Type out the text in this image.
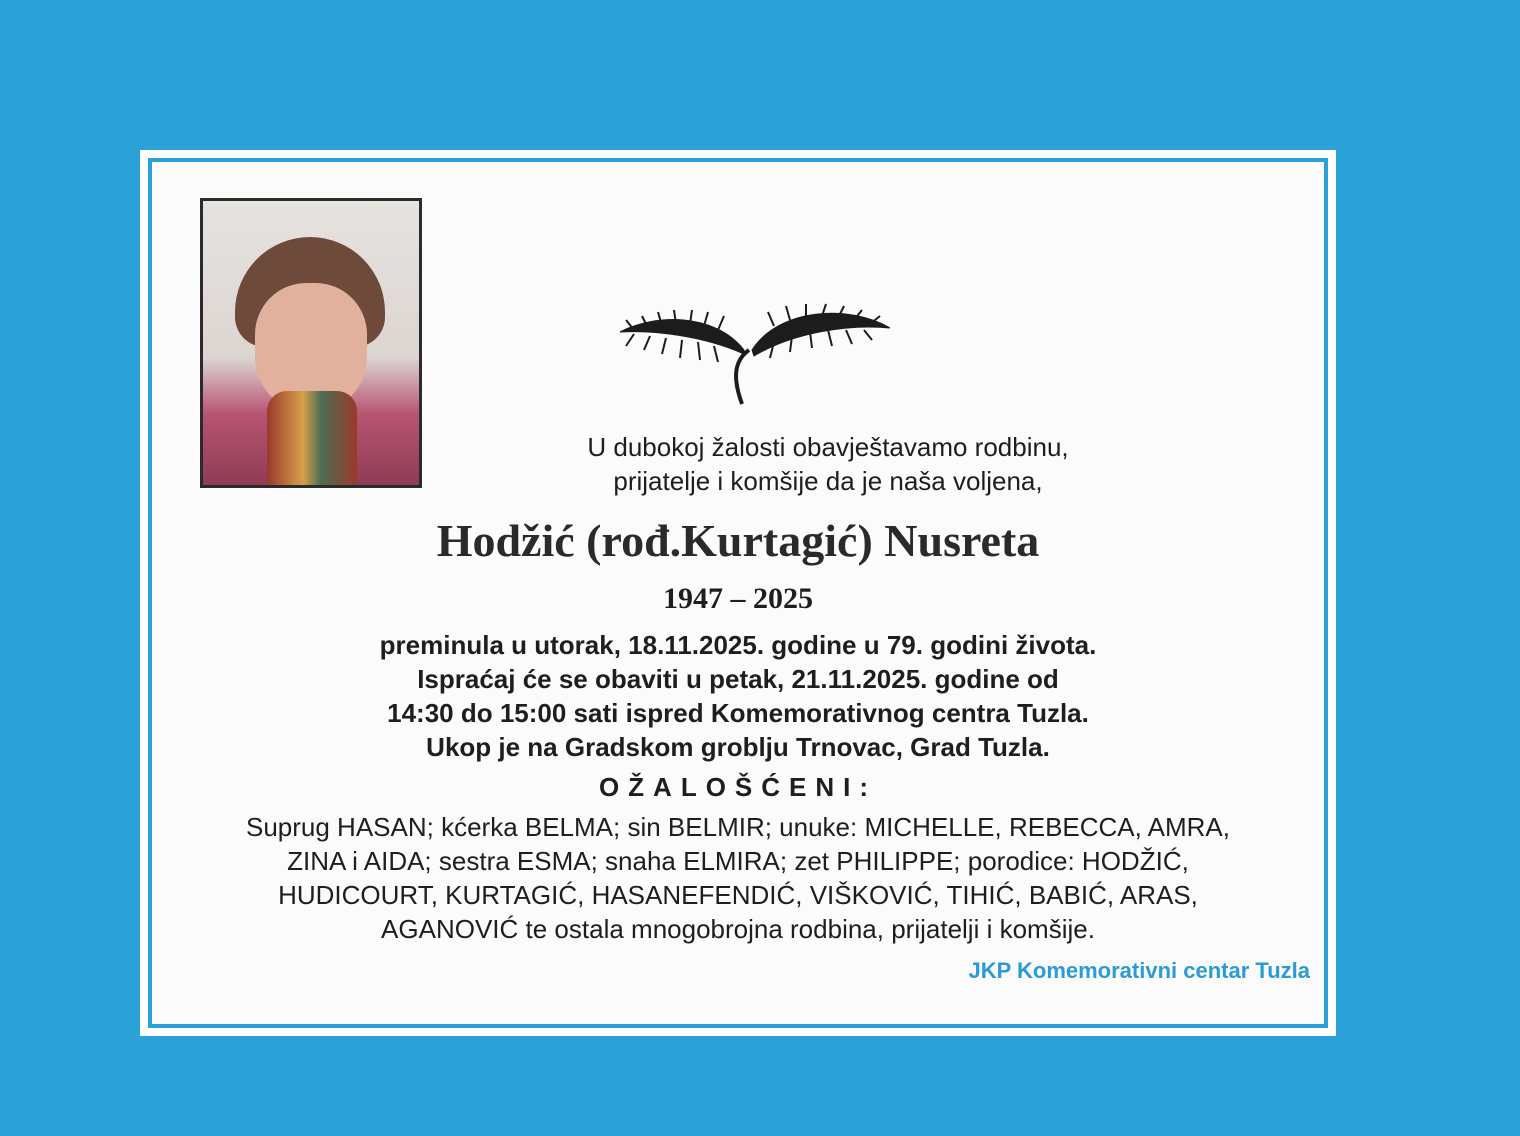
U dubokoj žalosti obavještavamo rodbinu,
prijatelje i komšije da je naša voljena,
Hodžić (rođ.Kurtagić) Nusreta
1947 – 2025
preminula u utorak, 18.11.2025. godine u 79. godini života.
Ispraćaj će se obaviti u petak, 21.11.2025. godine od
14:30 do 15:00 sati ispred Komemorativnog centra Tuzla.
Ukop je na Gradskom groblju Trnovac, Grad Tuzla.
OŽALOŠĆENI:
Suprug HASAN; kćerka BELMA; sin BELMIR; unuke: MICHELLE, REBECCA, AMRA,
ZINA i AIDA; sestra ESMA; snaha ELMIRA; zet PHILIPPE; porodice: HODŽIĆ,
HUDICOURT, KURTAGIĆ, HASANEFENDIĆ, VIŠKOVIĆ, TIHIĆ, BABIĆ, ARAS,
AGANOVIĆ te ostala mnogobrojna rodbina, prijatelji i komšije.
JKP Komemorativni centar Tuzla
